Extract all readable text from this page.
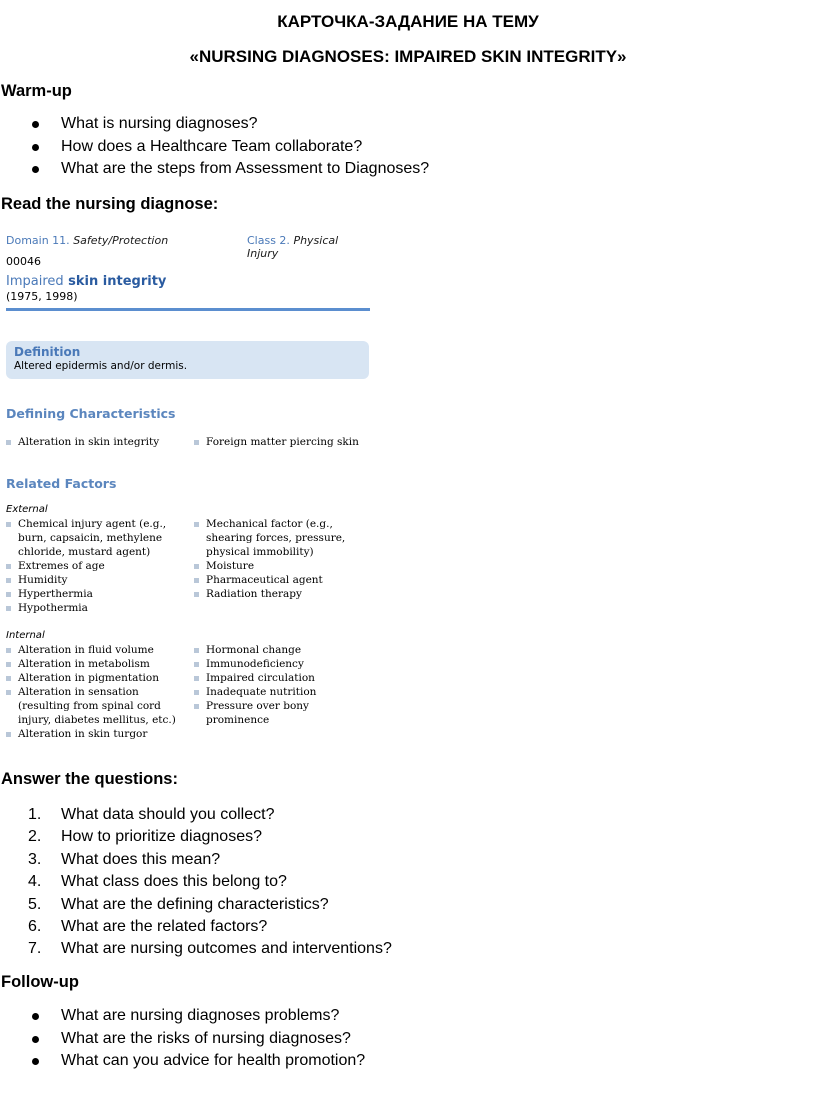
КАРТОЧКА-ЗАДАНИЕ НА ТЕМУ
«NURSING DIAGNOSES: IMPAIRED SKIN INTEGRITY»
Warm-up
What is nursing diagnoses?
How does a Healthcare Team collaborate?
What are the steps from Assessment to Diagnoses?
Read the nursing diagnose:
Domain 11. Safety/Protection	Class 2. Physical Injury
00046
Impaired skin integrity
(1975, 1998)
Definition
Altered epidermis and/or dermis.
Defining Characteristics
Alteration in skin integrity	Foreign matter piercing skin
Related Factors
External
Chemical injury agent (e.g., burn, capsaicin, methylene chloride, mustard agent)
Extremes of age
Humidity
Hyperthermia
Hypothermia
Mechanical factor (e.g., shearing forces, pressure, physical immobility)
Moisture
Pharmaceutical agent
Radiation therapy
Internal
Alteration in fluid volume
Alteration in metabolism
Alteration in pigmentation
Alteration in sensation (resulting from spinal cord injury, diabetes mellitus, etc.)
Alteration in skin turgor
Hormonal change
Immunodeficiency
Impaired circulation
Inadequate nutrition
Pressure over bony prominence
Answer the questions:
1.	What data should you collect?
2.	How to prioritize diagnoses?
3.	What does this mean?
4.	What class does this belong to?
5.	What are the defining characteristics?
6.	What are the related factors?
7.	What are nursing outcomes and interventions?
Follow-up
What are nursing diagnoses problems?
What are the risks of nursing diagnoses?
What can you advice for health promotion?
